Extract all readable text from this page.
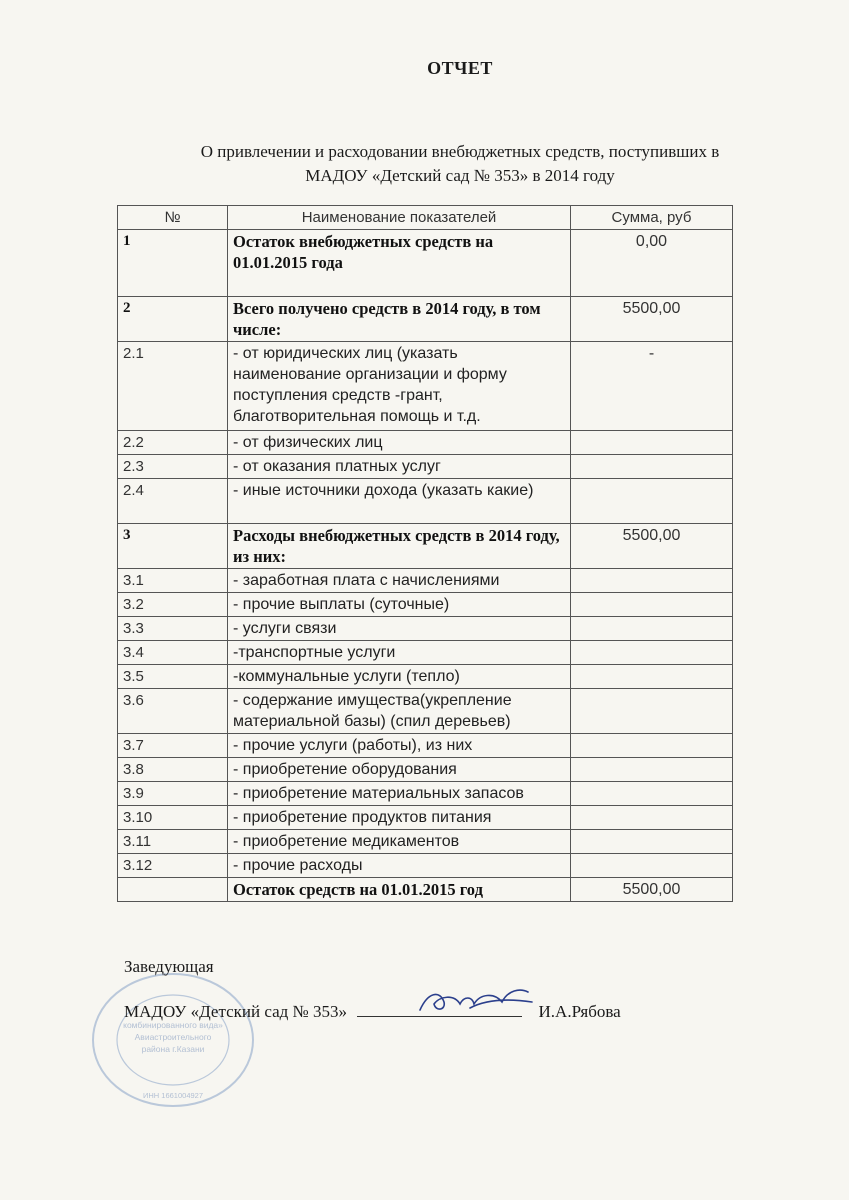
ОТЧЕТ
О привлечении и расходовании внебюджетных средств, поступивших в
МАДОУ «Детский сад № 353» в 2014 году
№	Наименование показателей	Сумма, руб
1	Остаток внебюджетных средств на 01.01.2015 года	0,00
2	Всего получено средств в 2014 году, в том числе:	5500,00
2.1	- от юридических лиц (указать наименование организации и форму поступления средств -грант, благотворительная помощь и т.д.	-
2.2	- от физических лиц	
2.3	- от оказания платных услуг	
2.4	- иные источники дохода (указать какие)	
3	Расходы внебюджетных средств в 2014 году, из них:	5500,00
3.1	- заработная плата с начислениями	
3.2	- прочие выплаты (суточные)	
3.3	- услуги связи	
3.4	-транспортные услуги	
3.5	-коммунальные услуги (тепло)	
3.6	- содержание имущества(укрепление материальной базы) (спил деревьев)	
3.7	- прочие услуги (работы), из них	
3.8	- приобретение оборудования	
3.9	- приобретение материальных запасов	
3.10	- приобретение продуктов питания	
3.11	- приобретение медикаментов	
3.12	- прочие расходы	
	Остаток средств на 01.01.2015 год	5500,00
комбинированного вида»
Авиастроительного
района г.Казани
ИНН 1661004927
Заведующая
МАДОУ «Детский сад № 353»	И.А.Рябова
